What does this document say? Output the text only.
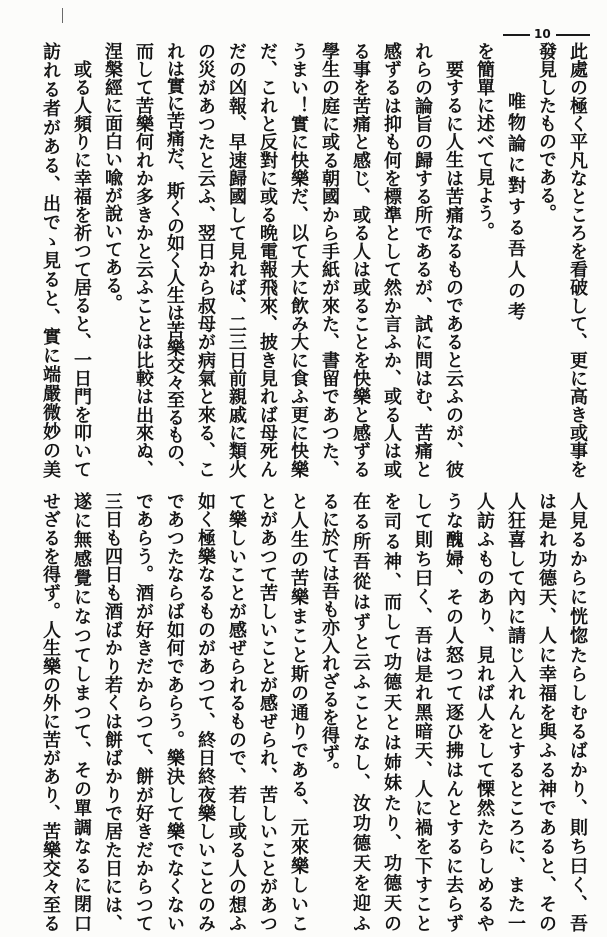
10
此處の極く平凡なところを看破して、更に高き或事を
發見したものである。
唯物論に對する吾人の考
を簡單に述べて見よう。
要するに人生は苦痛なるものであると云ふのが、彼
れらの論旨の歸する所であるが、試に問はむ、苦痛と
感ずるは抑も何を標準として然か言ふか、或る人は或
る事を苦痛と感じ、或る人は或ることを快樂と感ずる
學生の庭に或る朝國から手紙が來た、書留であつた、
うまい！實に快樂だ、以て大に飲み大に食ふ更に快樂
だ、これと反對に或る晩電報飛來、披き見れば母死ん
だの凶報、早速歸國して見れば、二三日前親戚に類火
の災があつたと云ふ、翌日から叔母が病氣と來る、こ
れは實に苦痛だ、斯くの如く人生は苦樂交々至るもの、
而して苦樂何れか多きかと云ふことは比較は出來ぬ、
涅槃經に面白い喩が說いてある。
或る人頻りに幸福を祈つて居ると、一日門を叩いて
訪れる者がある、出でゝ見ると、實に端嚴微妙の美
人見るからに恍惚たらしむるばかり、則ち曰く、吾
は是れ功德天、人に幸福を與ふる神であると、その
人狂喜して內に請じ入れんとするところに、また一
人訪ふものあり、見れば人をして慄然たらしめるや
うな醜婦、その人怒つて逐ひ拂はんとするに去らず
して則ち曰く、吾は是れ黑暗天、人に禍を下すこと
を司る神、而して功德天とは姉妹たり、功德天の
在る所吾從はずと云ふことなし、汝功德天を迎ふ
るに於ては吾も亦入れざるを得ず。
と人生の苦樂まこと斯の通りである、元來樂しいこ
とがあつて苦しいことが感ぜられ、苦しいことがあつ
て樂しいことが感ぜられるもので、若し或る人の想ふ
如く極樂なるものがあつて、終日終夜樂しいことのみ
であつたならば如何であらう。樂決して樂でなくない
であらう。酒が好きだからつて、餅が好きだからつて
三日も四日も酒ばかり若くは餅ばかりで居た日には、
遂に無感覺になつてしまつて、その單調なるに閉口
せざるを得ず。人生樂の外に苦があり、苦樂交々至る
